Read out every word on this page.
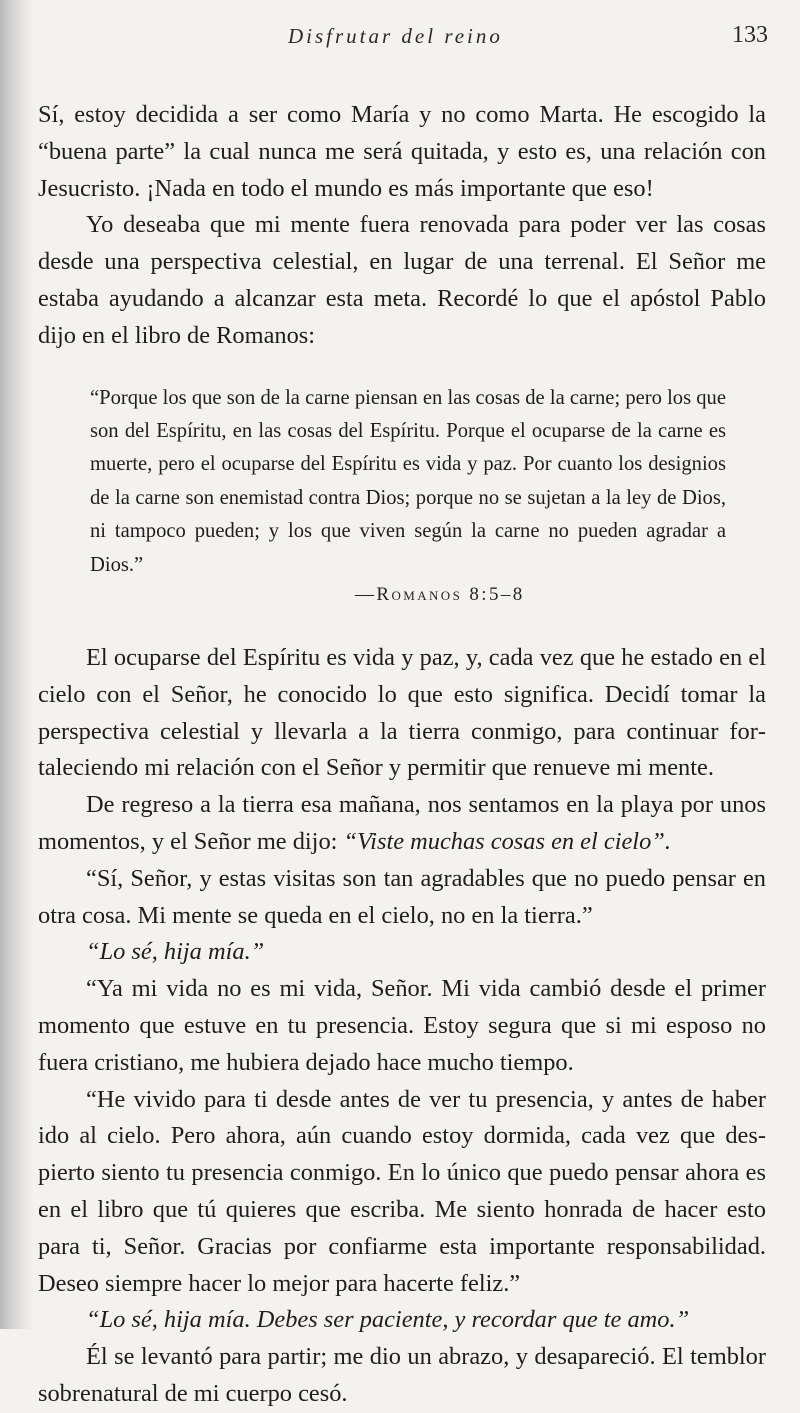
Disfrutar del reino	133

Sí, estoy decidida a ser como María y no como Marta. He escogido la “buena parte” la cual nunca me será quitada, y esto es, una relación con Jesucristo. ¡Nada en todo el mundo es más importante que eso!

Yo deseaba que mi mente fuera renovada para poder ver las cosas desde una perspectiva celestial, en lugar de una terrenal. El Señor me estaba ayudando a alcanzar esta meta. Recordé lo que el apóstol Pablo dijo en el libro de Romanos:

“Porque los que son de la carne piensan en las cosas de la carne; pero los que son del Espíritu, en las cosas del Espíritu. Porque el ocuparse de la carne es muerte, pero el ocuparse del Espíritu es vida y paz. Por cuanto los designios de la carne son enemistad contra Dios; porque no se sujetan a la ley de Dios, ni tampoco pueden; y los que viven según la carne no pueden agradar a Dios.”

—Romanos 8:5–8

El ocuparse del Espíritu es vida y paz, y, cada vez que he estado en el cielo con el Señor, he conocido lo que esto significa. Decidí tomar la perspectiva celestial y llevarla a la tierra conmigo, para continuar fortaleciendo mi relación con el Señor y permitir que renueve mi mente.

De regreso a la tierra esa mañana, nos sentamos en la playa por unos momentos, y el Señor me dijo: “Viste muchas cosas en el cielo”.

“Sí, Señor, y estas visitas son tan agradables que no puedo pensar en otra cosa. Mi mente se queda en el cielo, no en la tierra.”

“Lo sé, hija mía.”

“Ya mi vida no es mi vida, Señor. Mi vida cambió desde el primer momento que estuve en tu presencia. Estoy segura que si mi esposo no fuera cristiano, me hubiera dejado hace mucho tiempo.

“He vivido para ti desde antes de ver tu presencia, y antes de haber ido al cielo. Pero ahora, aún cuando estoy dormida, cada vez que despierto siento tu presencia conmigo. En lo único que puedo pensar ahora es en el libro que tú quieres que escriba. Me siento honrada de hacer esto para ti, Señor. Gracias por confiarme esta importante responsabilidad. Deseo siempre hacer lo mejor para hacerte feliz.”

“Lo sé, hija mía. Debes ser paciente, y recordar que te amo.”

Él se levantó para partir; me dio un abrazo, y desapareció. El temblor sobrenatural de mi cuerpo cesó.
